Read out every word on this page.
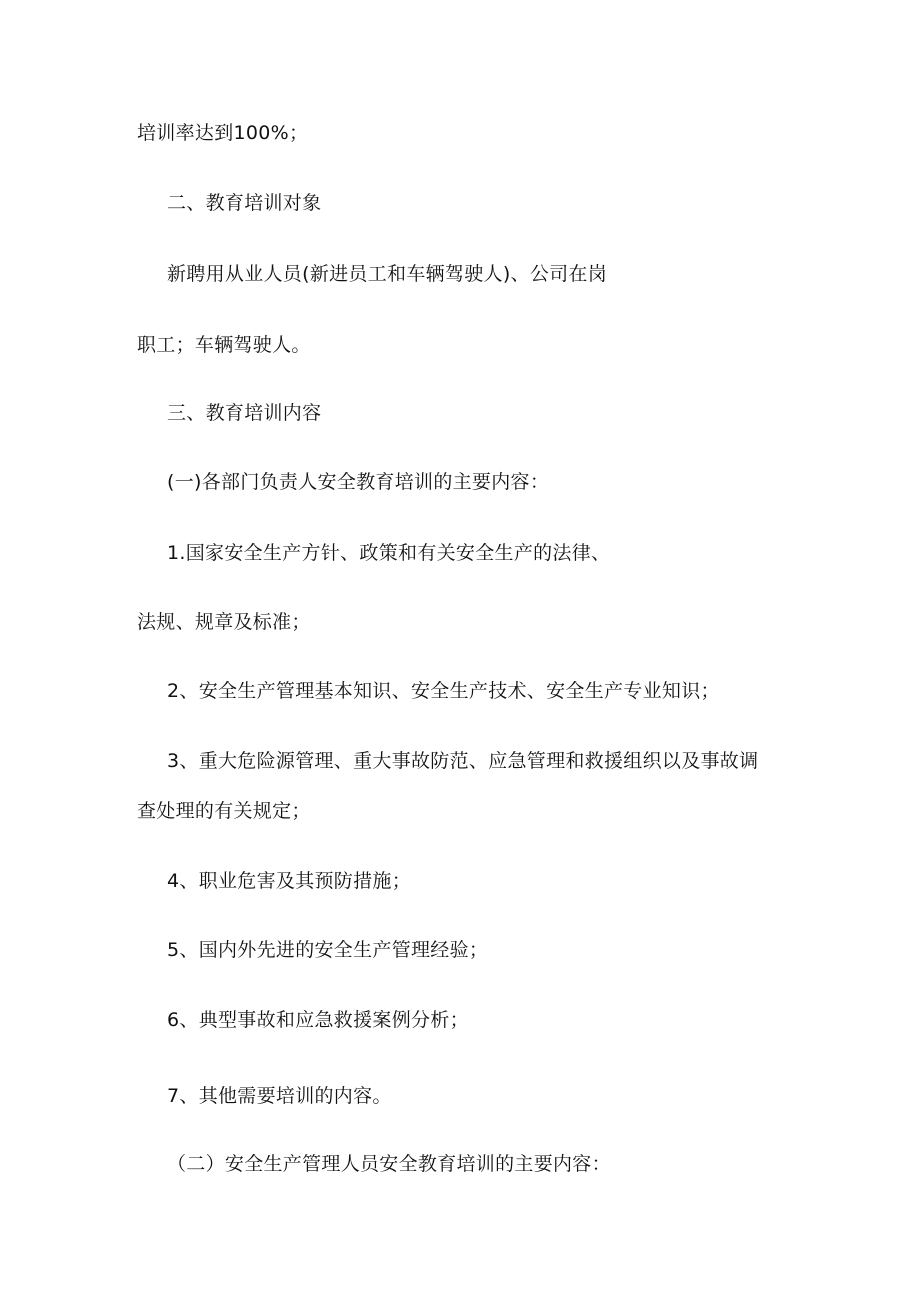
培训率达到100%；
二、教育培训对象
新聘用从业人员(新进员工和车辆驾驶人)、公司在岗
职工；车辆驾驶人。
三、教育培训内容
(一)各部门负责人安全教育培训的主要内容：
1.国家安全生产方针、政策和有关安全生产的法律、
法规、规章及标准；
2、安全生产管理基本知识、安全生产技术、安全生产专业知识；
3、重大危险源管理、重大事故防范、应急管理和救援组织以及事故调
查处理的有关规定；
4、职业危害及其预防措施；
5、国内外先进的安全生产管理经验；
6、典型事故和应急救援案例分析；
7、其他需要培训的内容。
（二）安全生产管理人员安全教育培训的主要内容：
